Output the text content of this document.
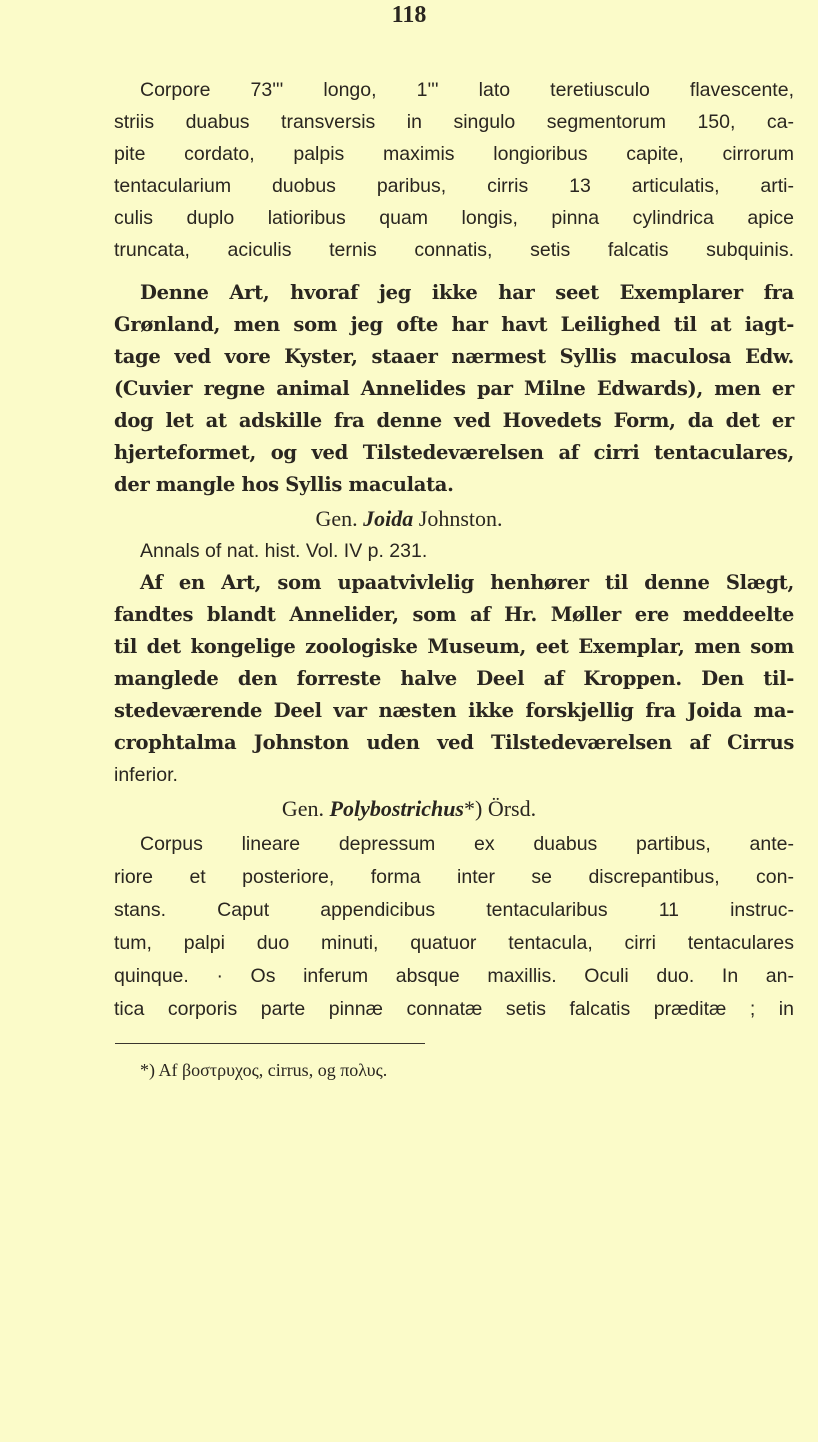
118
Corpore 73''' longo, 1''' lato teretiusculo flavescente,
striis duabus transversis in singulo segmentorum 150, ca-
pite cordato, palpis maximis longioribus capite, cirrorum
tentacularium duobus paribus, cirris 13 articulatis, arti-
culis duplo latioribus quam longis, pinna cylindrica apice
truncata, aciculis ternis connatis, setis falcatis subquinis.
Denne Art, hvoraf jeg ikke har seet Exemplarer fra
Grønland, men som jeg ofte har havt Leilighed til at iagt-
tage ved vore Kyster, staaer nærmest Syllis maculosa Edw.
(Cuvier regne animal Annelides par Milne Edwards), men er
dog let at adskille fra denne ved Hovedets Form, da det er
hjerteformet, og ved Tilstedeværelsen af cirri tentaculares,
der mangle hos Syllis maculata.
Gen. Joida Johnston.
Annals of nat. hist. Vol. IV p. 231.
Af en Art, som upaatvivlelig henhører til denne Slægt,
fandtes blandt Annelider, som af Hr. Møller ere meddeelte
til det kongelige zoologiske Museum, eet Exemplar, men som
manglede den forreste halve Deel af Kroppen. Den til-
stedeværende Deel var næsten ikke forskjellig fra Joida ma-
crophtalma Johnston uden ved Tilstedeværelsen af Cirrus
inferior.
Gen. Polybostrichus*) Örsd.
Corpus lineare depressum ex duabus partibus, ante-
riore et posteriore, forma inter se discrepantibus, con-
stans. Caput appendicibus tentacularibus 11 instruc-
tum, palpi duo minuti, quatuor tentacula, cirri tentaculares
quinque. · Os inferum absque maxillis. Oculi duo. In an-
tica corporis parte pinnæ connatæ setis falcatis præditæ ; in
*) Af βοστρυχος, cirrus, og πολυς.
